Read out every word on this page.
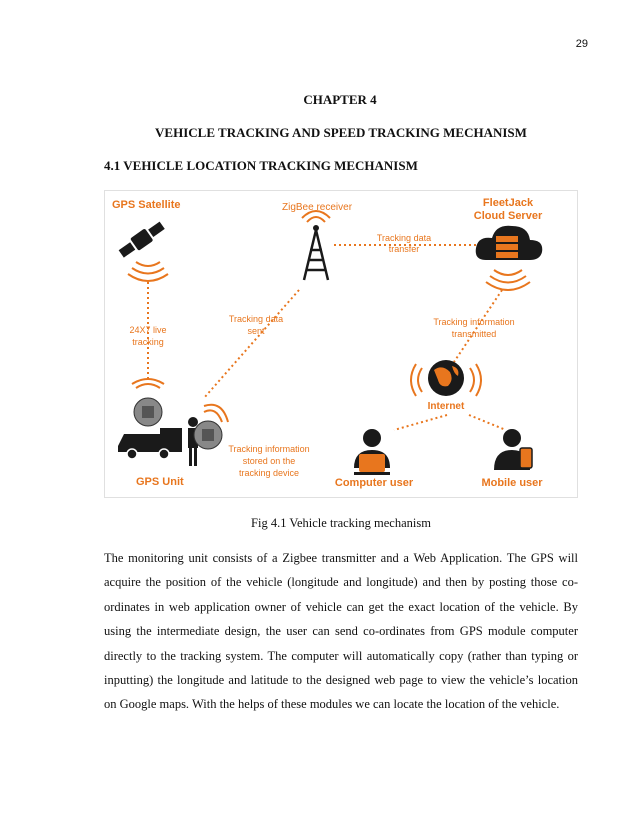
29
CHAPTER 4
VEHICLE TRACKING AND SPEED TRACKING MECHANISM
4.1 VEHICLE LOCATION TRACKING MECHANISM
GPS Satellite	ZigBee receiver	FleetJack
Cloud Server
Tracking data
transfer
24X7 live
tracking
Tracking data
sent
Tracking information
transmitted
Internet
Tracking information
stored on the
tracking device
GPS Unit	Computer user	Mobile user
Fig 4.1 Vehicle tracking mechanism

The monitoring unit consists of a Zigbee transmitter and a Web Application. The GPS will acquire the position of the vehicle (longitude and longitude) and then by posting those co-ordinates in web application owner of vehicle can get the exact location of the vehicle. By using the intermediate design, the user can send co-ordinates from GPS module computer directly to the tracking system. The computer will automatically copy (rather than typing or inputting) the longitude and latitude to the designed web page to view the vehicle’s location on Google maps. With the helps of these modules we can locate the location of the vehicle.
